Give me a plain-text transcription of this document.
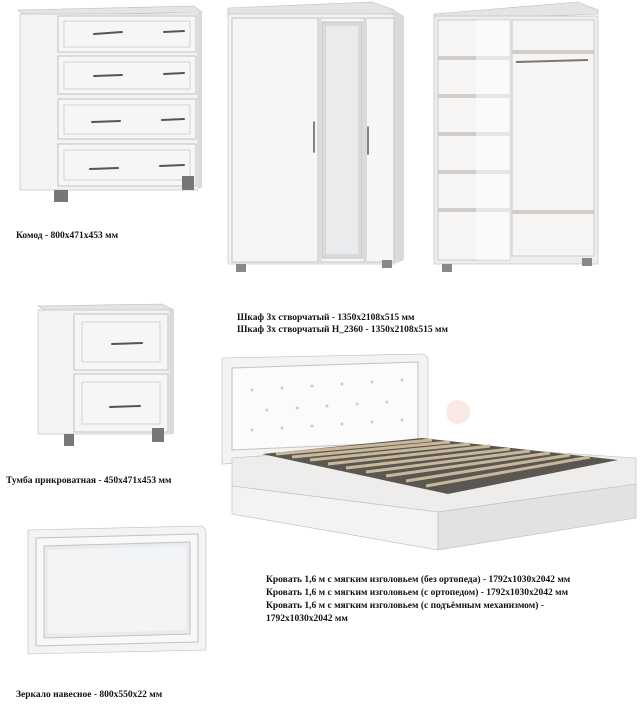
Комод - 800х471х453 мм
Шкаф 3х створчатый - 1350х2108х515 мм
Шкаф 3х створчатый Н_2360 - 1350х2108х515 мм
Тумба прикроватная - 450х471х453 мм
Кровать 1,6 м с мягким изголовьем (без ортопеда) - 1792х1030х2042 мм
Кровать 1,6 м с мягким изголовьем (с ортопедом) - 1792х1030х2042 мм
Кровать 1,6 м с мягким изголовьем (с подъёмным механизмом) -
1792х1030х2042 мм
Зеркало навесное - 800х550х22 мм
